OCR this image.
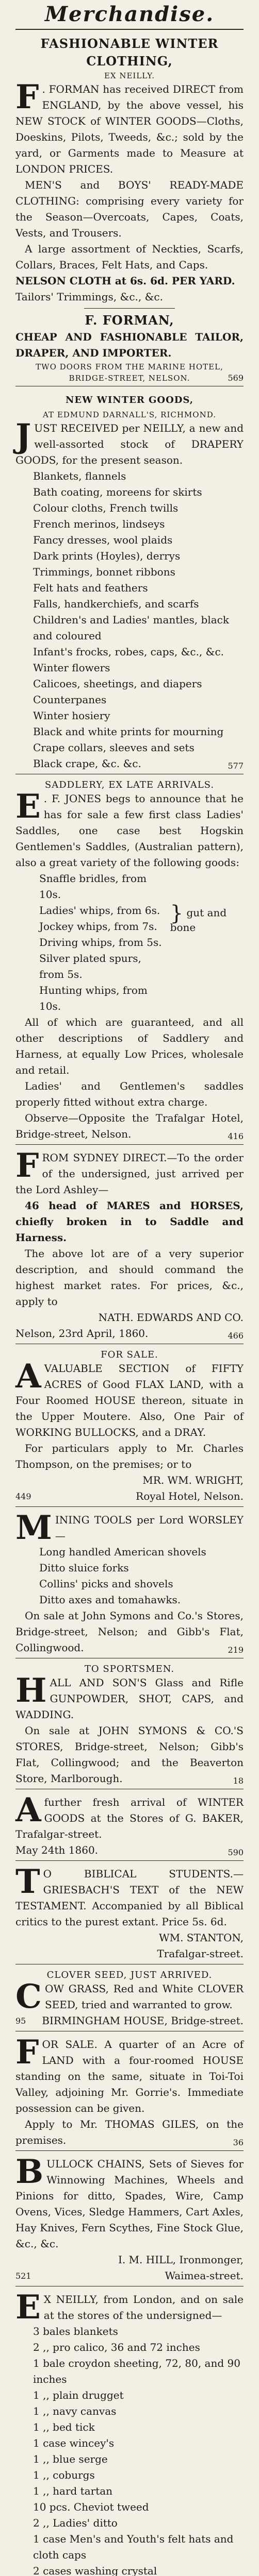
Merchandise.

FASHIONABLE WINTER CLOTHING,

EX NEILLY.

F . FORMAN has received DIRECT from ENGLAND, by the above vessel, his NEW STOCK of WINTER GOODS—Cloths, Doeskins, Pilots, Tweeds, &c.; sold by the yard, or Garments made to Measure at LONDON PRICES.

MEN'S and BOYS' READY-MADE CLOTHING: comprising every variety for the Season—Overcoats, Capes, Coats, Vests, and Trousers.

A large assortment of Neckties, Scarfs, Collars, Braces, Felt Hats, and Caps.

NELSON CLOTH at 6s. 6d. PER YARD.

Tailors' Trimmings, &c., &c.

F. FORMAN,

CHEAP AND FASHIONABLE TAILOR, DRAPER, AND IMPORTER.

TWO DOORS FROM THE MARINE HOTEL,

BRIDGE-STREET, NELSON.	569

NEW WINTER GOODS,

AT EDMUND DARNALL'S, RICHMOND.

JUST RECEIVED per NEILLY, a new and well-assorted stock of DRAPERY GOODS, for the present season.

Blankets, flannels
Bath coating, moreens for skirts
Colour cloths, French twills
French merinos, lindseys
Fancy dresses, wool plaids
Dark prints (Hoyles), derrys
Trimmings, bonnet ribbons
Felt hats and feathers
Falls, handkerchiefs, and scarfs
Children's and Ladies' mantles, black and coloured
Infant's frocks, robes, caps, &c., &c.
Winter flowers
Calicoes, sheetings, and diapers
Counterpanes
Winter hosiery
Black and white prints for mourning
Crape collars, sleeves and sets
Black crape, &c. &c.	577

SADDLERY, EX LATE ARRIVALS.

E . F. JONES begs to announce that he has for sale a few first class Ladies' Saddles, one case best Hogskin Gentlemen's Saddles, (Australian pattern), also a great variety of the following goods:

Snaffle bridles, from 10s.
Ladies' whips, from 6s.
Jockey whips, from 7s.
Driving whips, from 5s.
Silver plated spurs, from 5s.
Hunting whips, from 10s.
} gut and bone

All of which are guaranteed, and all other descriptions of Saddlery and Harness, at equally Low Prices, wholesale and retail.

Ladies' and Gentlemen's saddles properly fitted without extra charge.

Observe—Opposite the Trafalgar Hotel, Bridge-street, Nelson.	416

FROM SYDNEY DIRECT.—To the order of the undersigned, just arrived per the Lord Ashley—

46 head of MARES and HORSES, chiefly broken in to Saddle and Harness.

The above lot are of a very superior description, and should command the highest market rates. For prices, &c., apply to

NATH. EDWARDS AND CO.

Nelson, 23rd April, 1860.	466

FOR SALE.

AVALUABLE SECTION of FIFTY ACRES of Good FLAX LAND, with a Four Roomed HOUSE thereon, situate in the Upper Moutere. Also, One Pair of WORKING BULLOCKS, and a DRAY.

For particulars apply to Mr. Charles Thompson, on the premises; or to

MR. WM. WRIGHT,

449	Royal Hotel, Nelson.

MINING TOOLS per Lord WORSLEY—

Long handled American shovels
Ditto sluice forks
Collins' picks and shovels
Ditto axes and tomahawks.

On sale at John Symons and Co.'s Stores, Bridge-street, Nelson; and Gibb's Flat, Collingwood.	219

TO SPORTSMEN.

HALL AND SON'S Glass and Rifle GUNPOWDER, SHOT, CAPS, and WADDING.

On sale at JOHN SYMONS & CO.'S STORES, Bridge-street, Nelson; Gibb's Flat, Collingwood; and the Beaverton Store, Marlborough.	18

Afurther fresh arrival of WINTER GOODS at the Stores of G. BAKER, Trafalgar-street.

May 24th 1860.	590

T O BIBLICAL STUDENTS.— GRIESBACH'S TEXT of the NEW TESTAMENT. Accompanied by all Biblical critics to the purest extant. Price 5s. 6d.

WM. STANTON,

Trafalgar-street.

CLOVER SEED, JUST ARRIVED.

COW GRASS, Red and White CLOVER SEED, tried and warranted to grow.

95 BIRMINGHAM HOUSE, Bridge-street.

FOR SALE. A quarter of an Acre of LAND with a four-roomed HOUSE standing on the same, situate in Toi-Toi Valley, adjoining Mr. Gorrie's. Immediate possession can be given.

Apply to Mr. THOMAS GILES, on the premises.	36

BULLOCK CHAINS, Sets of Sieves for Winnowing Machines, Wheels and Pinions for ditto, Spades, Wire, Camp Ovens, Vices, Sledge Hammers, Cart Axles, Hay Knives, Fern Scythes, Fine Stock Glue, &c., &c.

I. M. HILL, Ironmonger,

521	Waimea-street.

E X NEILLY, from London, and on sale at the stores of the undersigned—

3 bales blankets
2 ,, pro calico, 36 and 72 inches
1 bale croydon sheeting, 72, 80, and 90 inches
1 ,, plain drugget
1 ,, navy canvas
1 ,, bed tick
1 case wincey's
1 ,, blue serge
1 ,, coburgs
1 ,, hard tartan
10 pcs. Cheviot tweed
2 ,, Ladies' ditto
1 case Men's and Youth's felt hats and cloth caps
2 cases washing crystal
